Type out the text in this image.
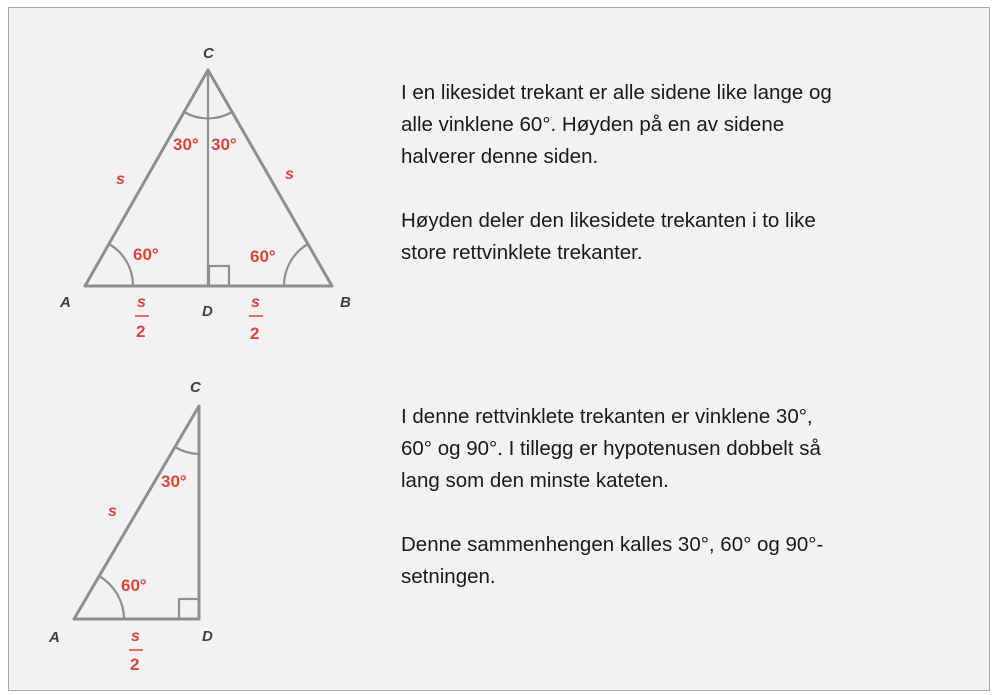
C
A	B
D
30° 30°
60°	60°
s	s
s
2
s
2
C
A	D
30°
60°
s
s
2

I en likesidet trekant er alle sidene like lange og
alle vinklene 60°. Høyden på en av sidene
halverer denne siden.

Høyden deler den likesidete trekanten i to like
store rettvinklete trekanter.

I denne rettvinklete trekanten er vinklene 30°,
60° og 90°. I tillegg er hypotenusen dobbelt så
lang som den minste kateten.

Denne sammenhengen kalles 30°, 60° og 90°-
setningen.
